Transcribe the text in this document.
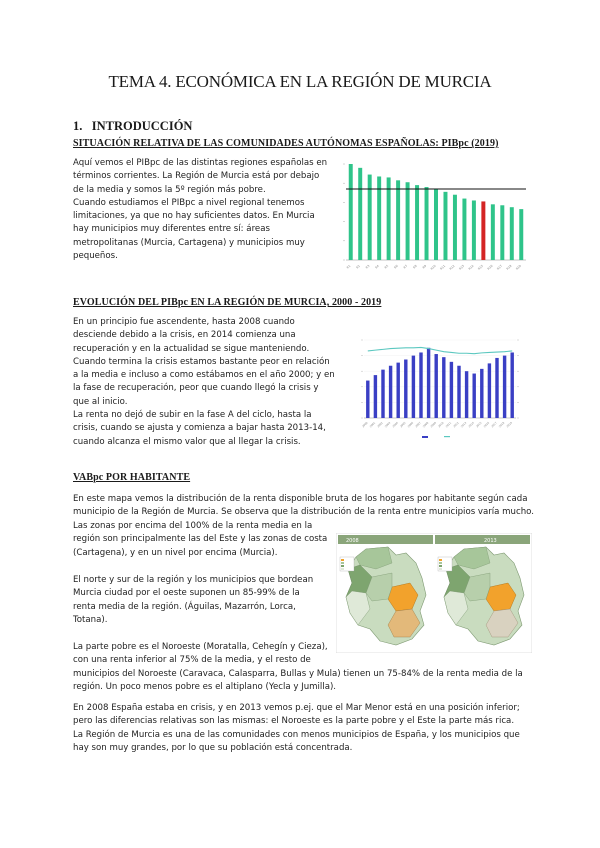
TEMA 4. ECONÓMICA EN LA REGIÓN DE MURCIA
1.   INTRODUCCIÓN
SITUACIÓN RELATIVA DE LAS COMUNIDADES AUTÓNOMAS ESPAÑOLAS: PIBpc (2019)

Aquí vemos el PIBpc de las distintas regiones españolas en

términos corrientes. La Región de Murcia está por debajo

de la media y somos la 5º región más pobre.

Cuando estudiamos el PIBpc a nivel regional tenemos

limitaciones, ya que no hay suficientes datos. En Murcia

hay municipios muy diferentes entre sí: áreas

metropolitanas (Murcia, Cartagena) y municipios muy

pequeños.

R1 R2 R3 R4 R5 R6 R7 R8 R9 R10 R11 R12 R13 R14 R15 R16 R17 R18 R19
EVOLUCIÓN DEL PIBpc EN LA REGIÓN DE MURCIA, 2000 - 2019

En un principio fue ascendente, hasta 2008 cuando

desciende debido a la crisis, en 2014 comienza una

recuperación y en la actualidad se sigue manteniendo.

Cuando termina la crisis estamos bastante peor en relación

a la media e incluso a como estábamos en el año 2000; y en

la fase de recuperación, peor que cuando llegó la crisis y

que al inicio.

La renta no dejó de subir en la fase A del ciclo, hasta la

crisis, cuando se ajusta y comienza a bajar hasta 2013-14,

cuando alcanza el mismo valor que al llegar la crisis.

2000 2001 2002 2003 2004 2005 2006 2007 2008 2009 2010 2011 2012 2013 2014 2015 2016 2017 2018 2019
VABpc POR HABITANTE

En este mapa vemos la distribución de la renta disponible bruta de los hogares por habitante según cada

municipio de la Región de Murcia. Se observa que la distribución de la renta entre municipios varía mucho.

Las zonas por encima del 100% de la renta media en la

región son principalmente las del Este y las zonas de costa

(Cartagena), y en un nivel por encima (Murcia).

El norte y sur de la región y los municipios que bordean

Murcia ciudad por el oeste suponen un 85-99% de la

renta media de la región. (Águilas, Mazarrón, Lorca,

Totana).

La parte pobre es el Noroeste (Moratalla, Cehegín y Cieza),

con una renta inferior al 75% de la media, y el resto de

municipios del Noroeste (Caravaca, Calasparra, Bullas y Mula) tienen un 75-84% de la renta media de la

región. Un poco menos pobre es el altiplano (Yecla y Jumilla).

En 2008 España estaba en crisis, y en 2013 vemos p.ej. que el Mar Menor está en una posición inferior;

pero las diferencias relativas son las mismas: el Noroeste es la parte pobre y el Este la parte más rica.

La Región de Murcia es una de las comunidades con menos municipios de España, y los municipios que

hay son muy grandes, por lo que su población está concentrada.

2008	2013
